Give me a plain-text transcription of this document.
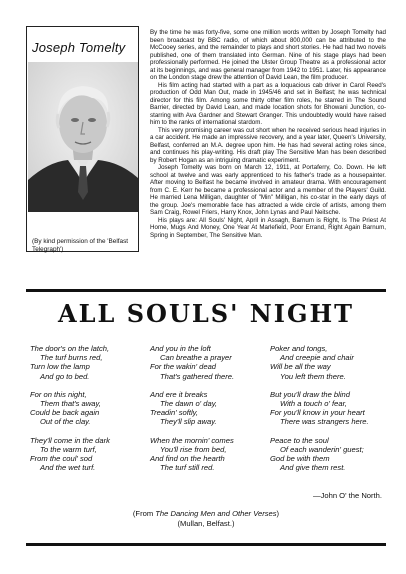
Joseph Tomelty
(By kind permission of the 'Belfast Telegraph')

By the time he was forty-five, some one million words written by Joseph Tomelty had been broadcast by BBC radio, of which about 800,000 can be attributed to the McCooey series, and the remainder to plays and short stories. He had had two novels published, one of them translated into German. Nine of his stage plays had been professionally performed. He joined the Ulster Group Theatre as a professional actor at its beginnings, and was general manager from 1942 to 1951. Later, his appearance on the London stage drew the attention of David Lean, the film producer.

His film acting had started with a part as a loquacious cab driver in Carol Reed's production of Odd Man Out, made in 1945/46 and set in Belfast; he was technical director for this film. Among some thirty other film roles, he starred in The Sound Barrier, directed by David Lean, and made location shots for Bhowani Junction, co-starring with Ava Gardner and Stewart Granger. This undoubtedly would have raised him to the ranks of international stardom.

This very promising career was cut short when he received serious head injuries in a car accident. He made an impressive recovery, and a year later, Queen's University, Belfast, conferred an M.A. degree upon him. He has had several acting roles since, and continues his play-writing. His draft play The Sensitive Man has been described by Robert Hogan as an intriguing dramatic experiment.

Joseph Tomelty was born on March 12, 1911, at Portaferry, Co. Down. He left school at twelve and was early apprenticed to his father's trade as a housepainter. After moving to Belfast he became involved in amateur drama. With encouragement from C. E. Kerr he became a professional actor and a member of the Players' Guild. He married Lena Milligan, daughter of "Min" Milligan, his co-star in the early days of the group. Joe's memorable face has attracted a wide circle of artists, among them Sam Craig, Rowel Friers, Harry Knox, John Lynas and Paul Neitsche.

His plays are: All Souls' Night, April in Assagh, Barnum is Right, Is The Priest At Home, Mugs And Money, One Year At Marlefield, Poor Errand, Right Again Barnum, Spring in September, The Sensitive Man.

ALL SOULS' NIGHT
The door's on the latch,
The turf burns red,
Turn low the lamp
And go to bed.
For on this night,
Them that's away,
Could be back again
Out of the clay.
They'll come in the dark
To the warm turf,
From the coul' sod
And the wet turf.
And you in the loft
Can breathe a prayer
For the wakin' dead
That's gathered there.
And ere it breaks
The dawn o' day,
Treadin' softly,
They'll slip away.
When the mornin' comes
You'll rise from bed,
And find on the hearth
The turf still red.
Poker and tongs,
And creepie and chair
Will be all the way
You left them there.
But you'll draw the blind
With a touch o' fear,
For you'll know in your heart
There was strangers here.
Peace to the soul
Of each wanderin' guest;
God be with them
And give them rest.
—John O' the North.
(From The Dancing Men and Other Verses)
(Mullan, Belfast.)
